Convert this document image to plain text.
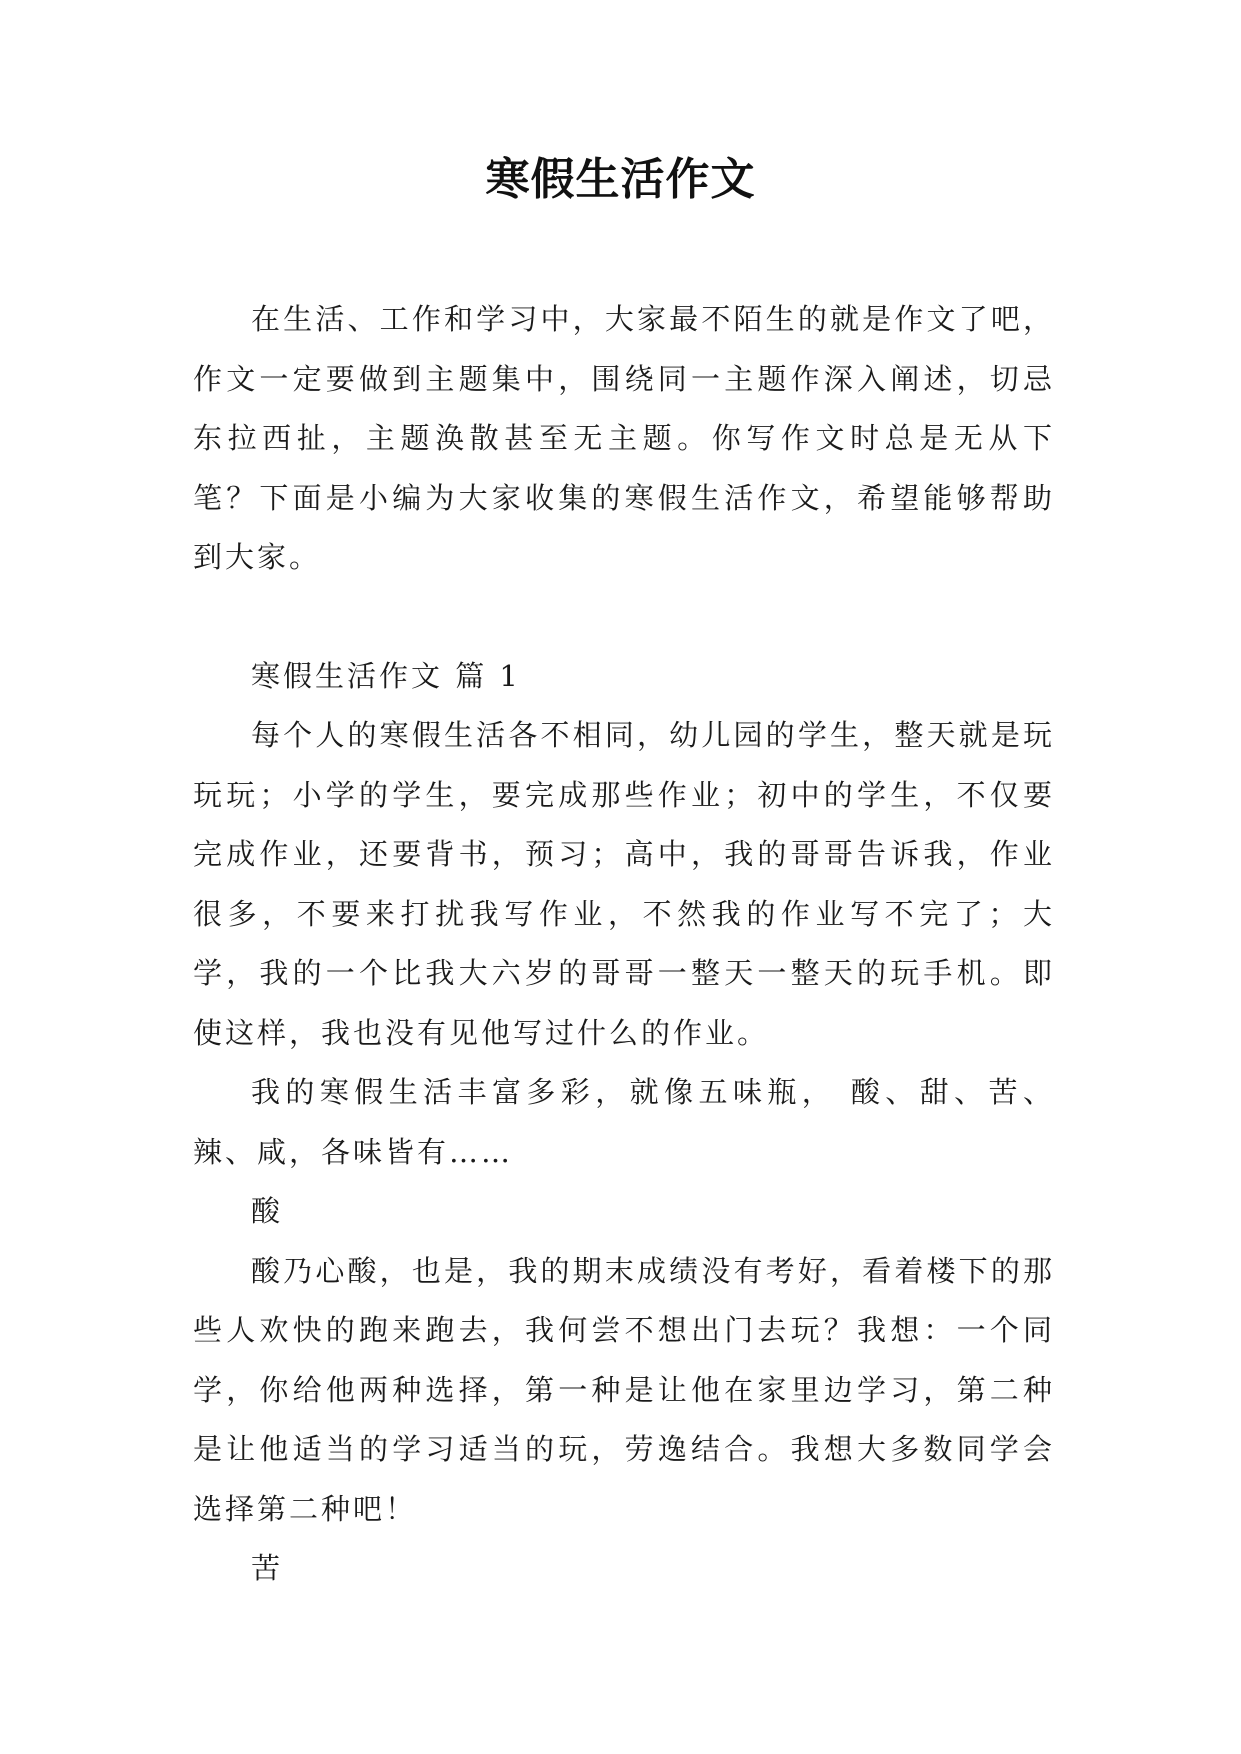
寒假生活作文

在生活、工作和学习中，大家最不陌生的就是作文了吧，作文一定要做到主题集中，围绕同一主题作深入阐述，切忌东拉西扯，主题涣散甚至无主题。你写作文时总是无从下笔？下面是小编为大家收集的寒假生活作文，希望能够帮助到大家。

寒假生活作文 篇 1

每个人的寒假生活各不相同，幼儿园的学生，整天就是玩玩玩；小学的学生，要完成那些作业；初中的学生，不仅要完成作业，还要背书，预习；高中，我的哥哥告诉我，作业很多，不要来打扰我写作业，不然我的作业写不完了；大学，我的一个比我大六岁的哥哥一整天一整天的玩手机。即使这样，我也没有见他写过什么的作业。

我的寒假生活丰富多彩，就像五味瓶， 酸、甜、苦、辣、咸，各味皆有……

酸

酸乃心酸，也是，我的期末成绩没有考好，看着楼下的那些人欢快的跑来跑去，我何尝不想出门去玩？我想：一个同学，你给他两种选择，第一种是让他在家里边学习，第二种是让他适当的学习适当的玩，劳逸结合。我想大多数同学会选择第二种吧！

苦
